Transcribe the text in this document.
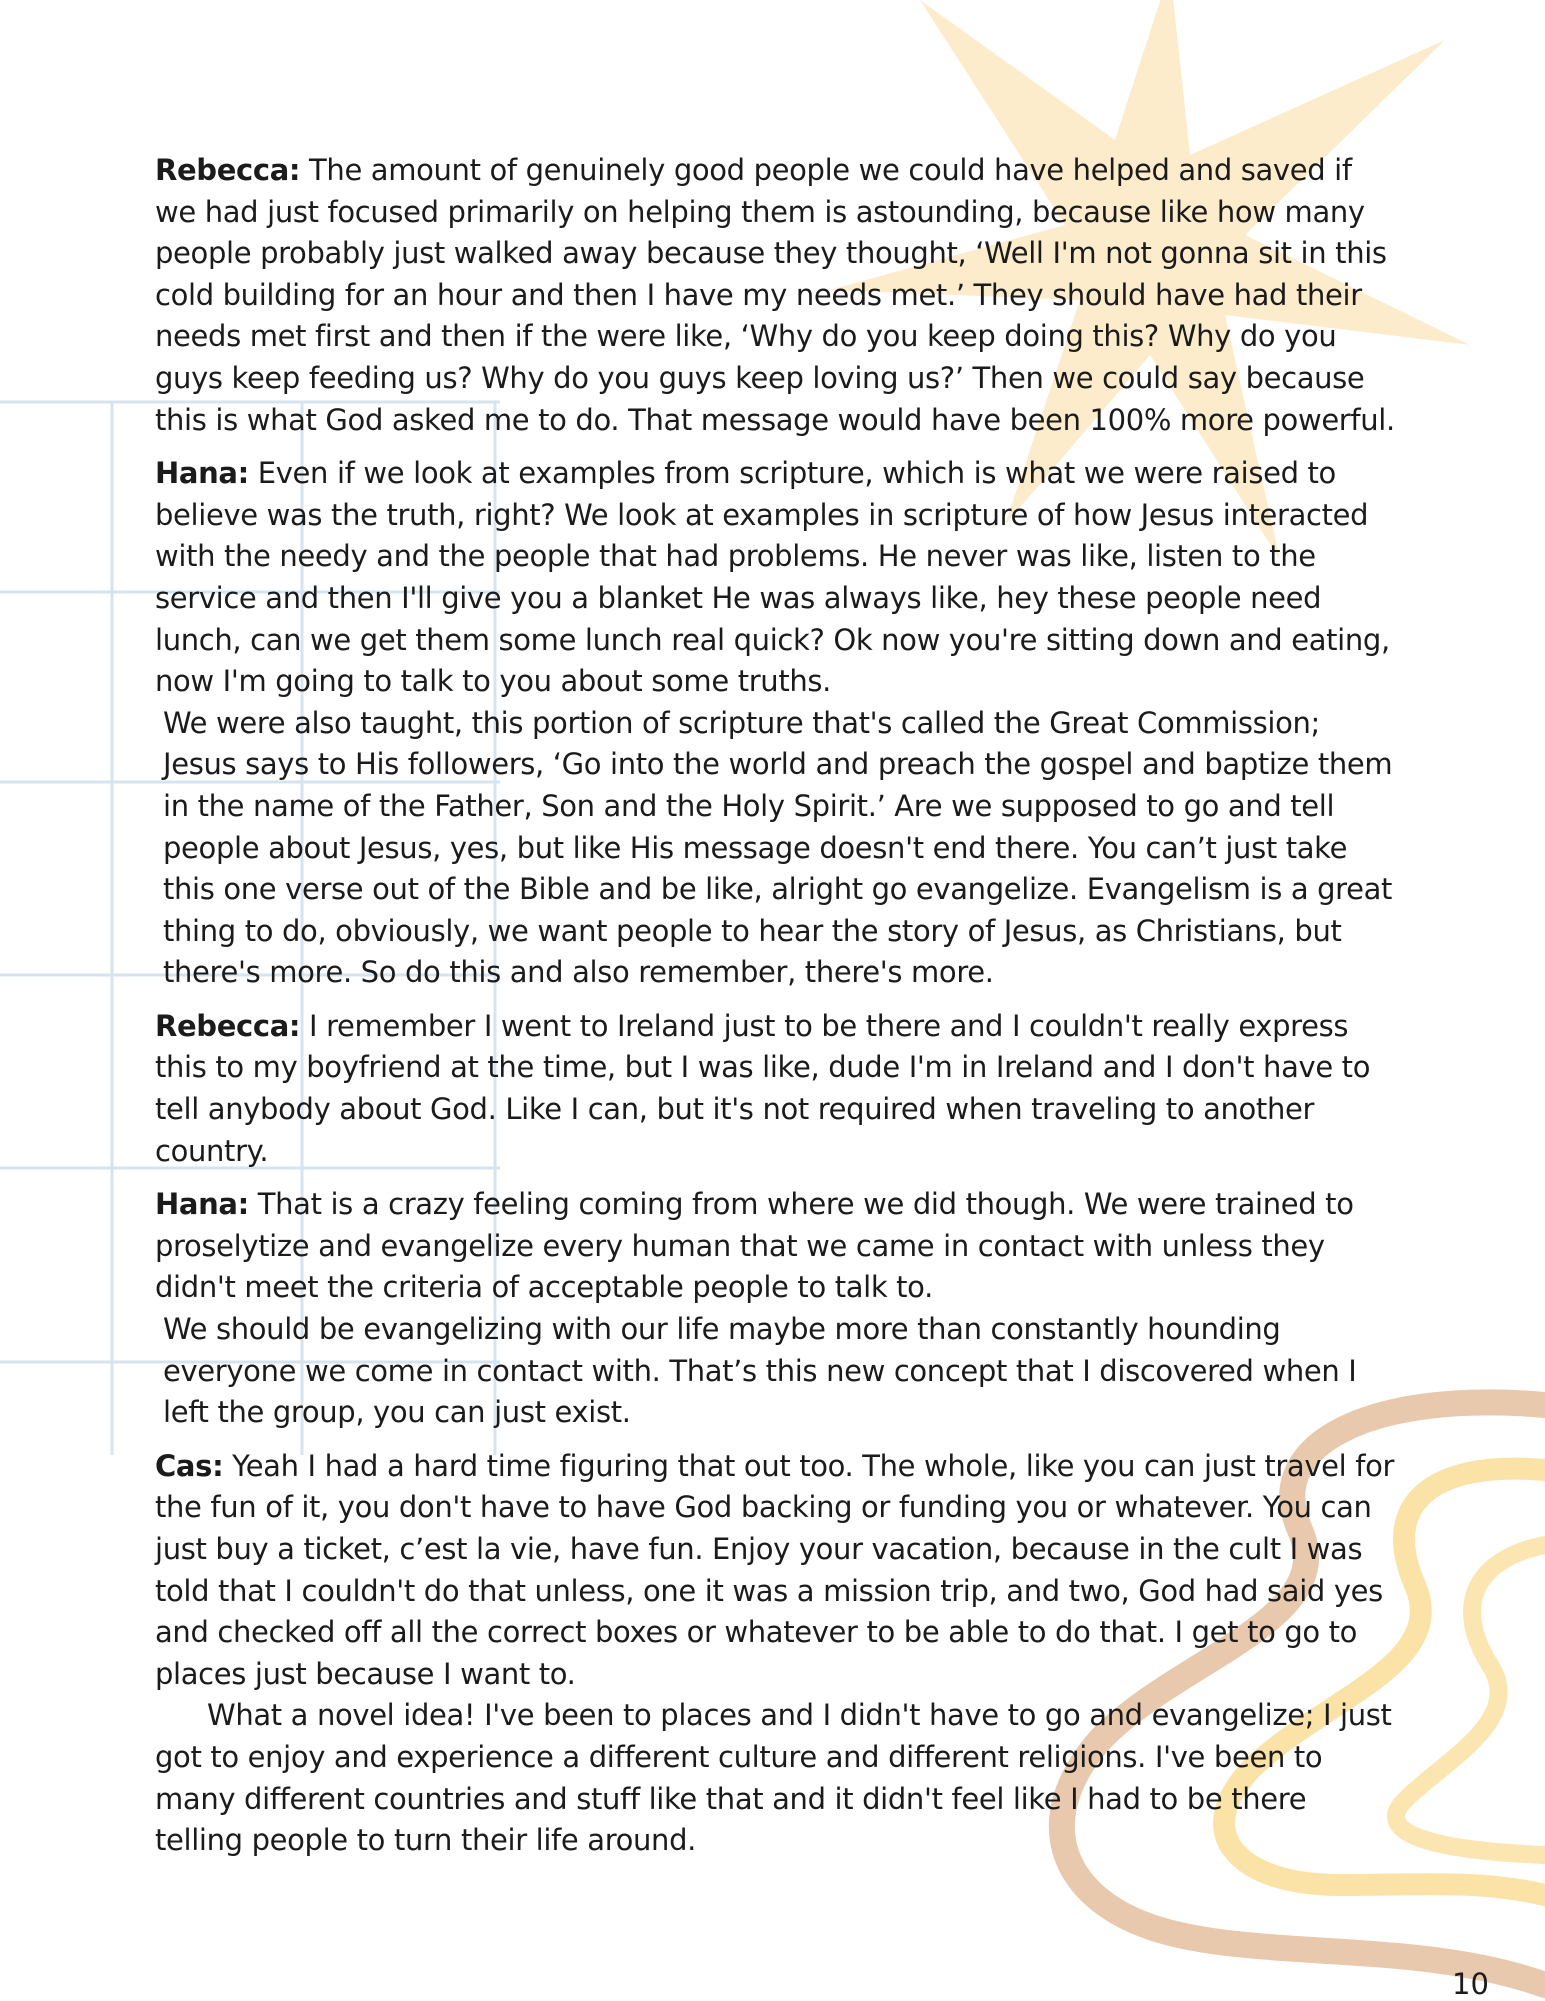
Rebecca: The amount of genuinely good people we could have helped and saved if we had just focused primarily on helping them is astounding, because like how many people probably just walked away because they thought, ‘Well I'm not gonna sit in this cold building for an hour and then I have my needs met.’ They should have had their needs met first and then if the were like, ‘Why do you keep doing this? Why do you guys keep feeding us? Why do you guys keep loving us?’ Then we could say because this is what God asked me to do. That message would have been 100% more powerful.

Hana: Even if we look at examples from scripture, which is what we were raised to believe was the truth, right? We look at examples in scripture of how Jesus interacted with the needy and the people that had problems. He never was like, listen to the service and then I'll give you a blanket He was always like, hey these people need lunch, can we get them some lunch real quick? Ok now you're sitting down and eating, now I'm going to talk to you about some truths.

We were also taught, this portion of scripture that's called the Great Commission; Jesus says to His followers, ‘Go into the world and preach the gospel and baptize them in the name of the Father, Son and the Holy Spirit.’ Are we supposed to go and tell people about Jesus, yes, but like His message doesn't end there. You can’t just take this one verse out of the Bible and be like, alright go evangelize. Evangelism is a great thing to do, obviously, we want people to hear the story of Jesus, as Christians, but there's more. So do this and also remember, there's more.

Rebecca: I remember I went to Ireland just to be there and I couldn't really express this to my boyfriend at the time, but I was like, dude I'm in Ireland and I don't have to tell anybody about God. Like I can, but it's not required when traveling to another country.

Hana: That is a crazy feeling coming from where we did though. We were trained to proselytize and evangelize every human that we came in contact with unless they didn't meet the criteria of acceptable people to talk to.

We should be evangelizing with our life maybe more than constantly hounding everyone we come in contact with. That’s this new concept that I discovered when I left the group, you can just exist.

Cas: Yeah I had a hard time figuring that out too. The whole, like you can just travel for the fun of it, you don't have to have God backing or funding you or whatever. You can just buy a ticket, c’est la vie, have fun. Enjoy your vacation, because in the cult I was told that I couldn't do that unless, one it was a mission trip, and two, God had said yes and checked off all the correct boxes or whatever to be able to do that. I get to go to places just because I want to.

What a novel idea! I've been to places and I didn't have to go and evangelize; I just got to enjoy and experience a different culture and different religions. I've been to many different countries and stuff like that and it didn't feel like I had to be there telling people to turn their life around.

10
